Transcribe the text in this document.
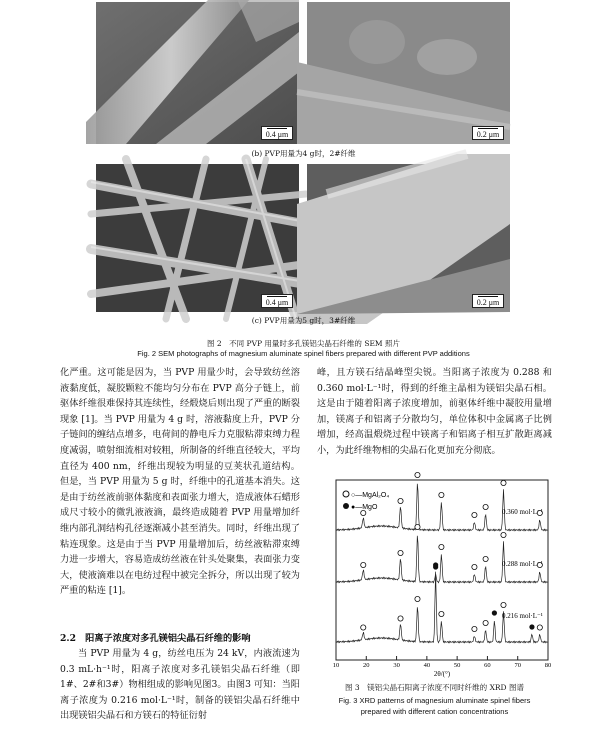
0.4 μm	0.2 μm
(b) PVP用量为4 g时，2#纤维
0.4 μm	0.2 μm
(c) PVP用量为5 g时，3#纤维
图 2　不同 PVP 用量时多孔镁铝尖晶石纤维的 SEM 照片
Fig. 2 SEM photographs of magnesium aluminate spinel fibers prepared with different PVP additions

化严重。这可能是因为，当 PVP 用量少时，会导致纺丝溶液黏度低，凝胶颗粒不能均匀分布在 PVP 高分子链上，前驱体纤维很难保持其连续性，经煅烧后则出现了严重的断裂现象 [1]。当 PVP 用量为 4 g 时，溶液黏度上升，PVP 分子链间的缠结点增多，电荷间的静电斥力克服粘滞束缚力程度减弱，喷射细流相对较粗，所制备的纤维直径较大，平均直径为 400 nm，纤维出现较为明显的豆荚状孔道结构。但是，当 PVP 用量为 5 g 时，纤维中的孔道基本消失。这是由于纺丝液前驱体黏度和表面张力增大，造成液体石蜡形成尺寸较小的微乳液液滴，最终造成随着 PVP 用量增加纤维内部孔洞结构孔径逐渐减小甚至消失。同时，纤维出现了粘连现象。这是由于当 PVP 用量增加后，纺丝液粘滞束缚力进一步增大，容易造成纺丝液在针头处聚集，表面张力变大，使液滴难以在电纺过程中被完全拆分，所以出现了较为严重的粘连 [1]。

2.2　阳离子浓度对多孔镁铝尖晶石纤维的影响

当 PVP 用量为 4 g，纺丝电压为 24 kV，内液流速为 0.3 mL·h⁻¹时，阳离子浓度对多孔镁铝尖晶石纤维（即1#、2#和3#）物相组成的影响见图3。由图3 可知：当阳离子浓度为 0.216 mol·L⁻¹时，制备的镁铝尖晶石纤维中出现镁铝尖晶石和方镁石的特征衍射

峰，且方镁石结晶峰型尖锐。当阳离子浓度为 0.288 和 0.360 mol·L⁻¹时，得到的纤维主晶相为镁铝尖晶石相。这是由于随着阳离子浓度增加，前驱体纤维中凝胶用量增加，镁离子和铝离子分散均匀，单位体积中金属离子比例增加，经高温煅烧过程中镁离子和铝离子相互扩散距离减小，为此纤维物相的尖晶石化更加充分彻底。

○—MgAl₂O₄
●—MgO
0.360 mol·L⁻¹
0.288 mol·L⁻¹
0.216 mol·L⁻¹
10	20	30	40	50	60	70	80
2θ/(°)
图 3　镁铝尖晶石阳离子浓度不同时纤维的 XRD 图谱
Fig. 3 XRD patterns of magnesium aluminate spinel fibers
prepared with different cation concentrations
